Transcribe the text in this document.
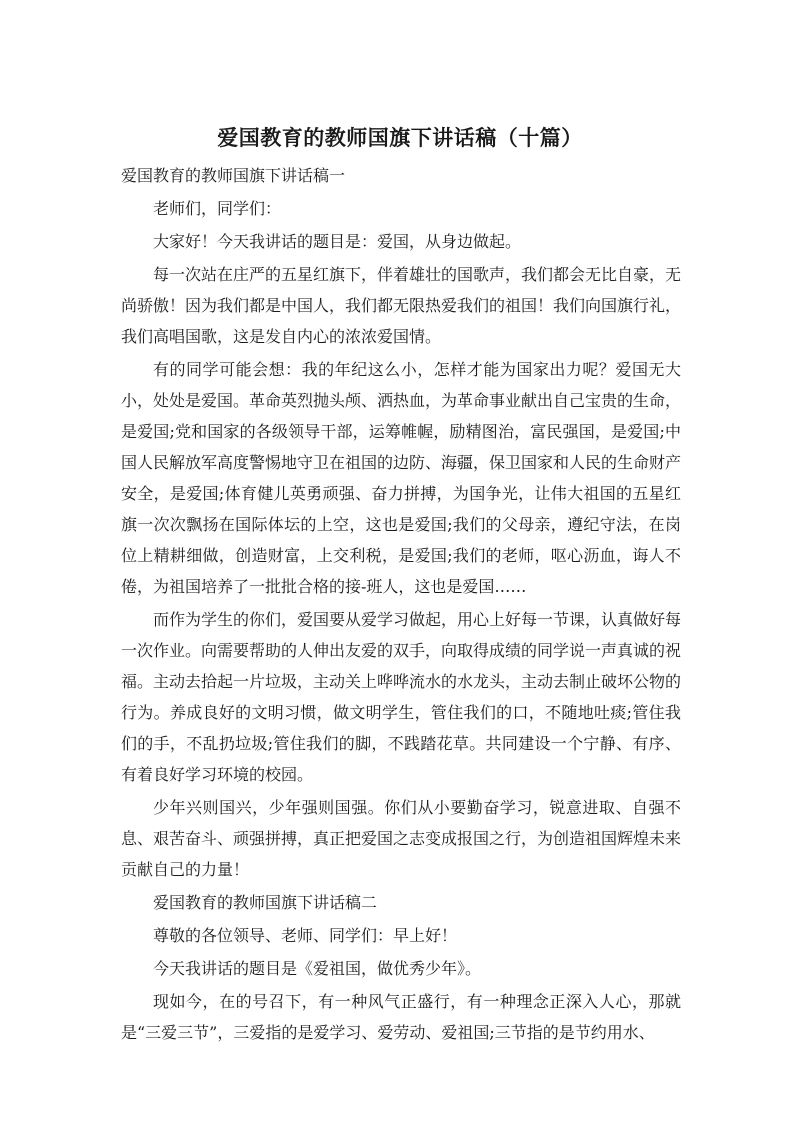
爱国教育的教师国旗下讲话稿（十篇）

爱国教育的教师国旗下讲话稿一

老师们，同学们：

大家好！今天我讲话的题目是：爱国，从身边做起。

每一次站在庄严的五星红旗下，伴着雄壮的国歌声，我们都会无比自豪，无尚骄傲！因为我们都是中国人，我们都无限热爱我们的祖国！我们向国旗行礼，我们高唱国歌，这是发自内心的浓浓爱国情。

有的同学可能会想：我的年纪这么小，怎样才能为国家出力呢？爱国无大小，处处是爱国。革命英烈抛头颅、洒热血，为革命事业献出自己宝贵的生命，是爱国;党和国家的各级领导干部，运筹帷幄，励精图治，富民强国，是爱国;中国人民解放军高度警惕地守卫在祖国的边防、海疆，保卫国家和人民的生命财产安全，是爱国;体育健儿英勇顽强、奋力拼搏，为国争光，让伟大祖国的五星红旗一次次飘扬在国际体坛的上空，这也是爱国;我们的父母亲，遵纪守法，在岗位上精耕细做，创造财富，上交利税，是爱国;我们的老师，呕心沥血，诲人不倦，为祖国培养了一批批合格的接-班人，这也是爱国……

而作为学生的你们，爱国要从爱学习做起，用心上好每一节课，认真做好每一次作业。向需要帮助的人伸出友爱的双手，向取得成绩的同学说一声真诚的祝福。主动去拾起一片垃圾，主动关上哗哗流水的水龙头，主动去制止破坏公物的行为。养成良好的文明习惯，做文明学生，管住我们的口，不随地吐痰;管住我们的手，不乱扔垃圾;管住我们的脚，不践踏花草。共同建设一个宁静、有序、有着良好学习环境的校园。

少年兴则国兴，少年强则国强。你们从小要勤奋学习，锐意进取、自强不息、艰苦奋斗、顽强拼搏，真正把爱国之志变成报国之行，为创造祖国辉煌未来贡献自己的力量！

爱国教育的教师国旗下讲话稿二

尊敬的各位领导、老师、同学们：早上好！

今天我讲话的题目是《爱祖国，做优秀少年》。

现如今，在的号召下，有一种风气正盛行，有一种理念正深入人心，那就是“三爱三节”，三爱指的是爱学习、爱劳动、爱祖国;三节指的是节约用水、
